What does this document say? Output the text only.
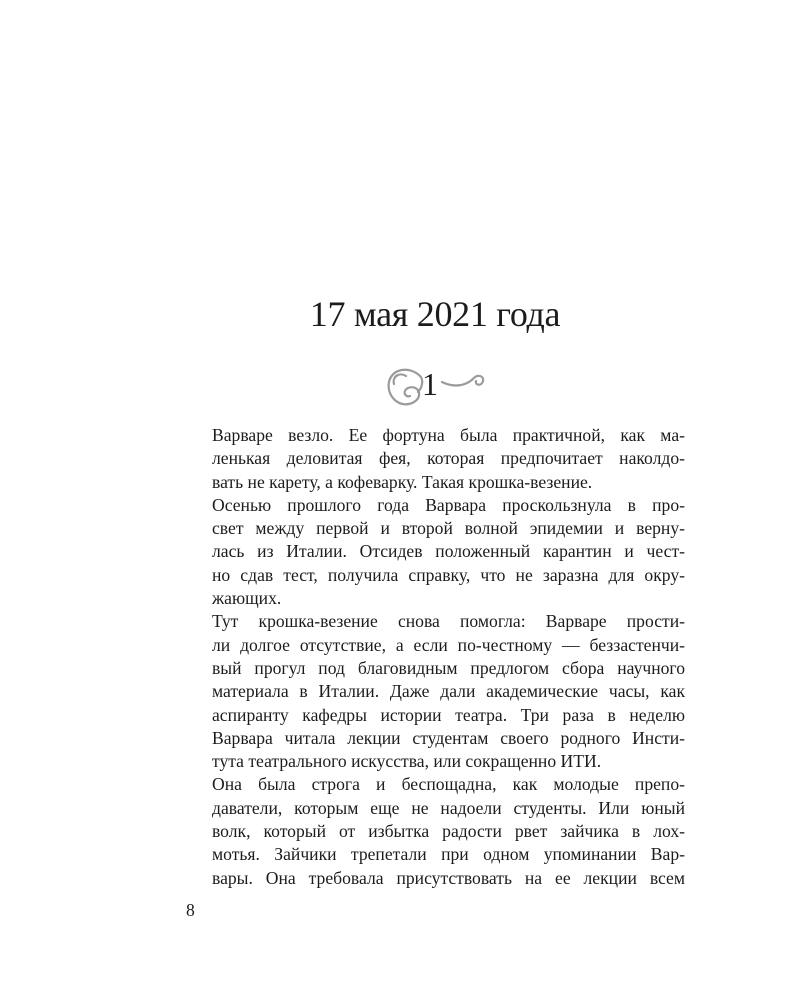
17 мая 2021 года
1

Варваре везло. Ее фортуна была практичной, как ма-
ленькая деловитая фея, которая предпочитает наколдо-
вать не карету, а кофеварку. Такая крошка-везение.

Осенью прошлого года Варвара проскользнула в про-
свет между первой и второй волной эпидемии и верну-
лась из Италии. Отсидев положенный карантин и чест-
но сдав тест, получила справку, что не заразна для окру-
жающих.

Тут крошка-везение снова помогла: Варваре прости-
ли долгое отсутствие, а если по-честному — беззастенчи-
вый прогул под благовидным предлогом сбора научного
материала в Италии. Даже дали академические часы, как
аспиранту кафедры истории театра. Три раза в неделю
Варвара читала лекции студентам своего родного Инсти-
тута театрального искусства, или сокращенно ИТИ.

Она была строга и беспощадна, как молодые препо-
даватели, которым еще не надоели студенты. Или юный
волк, который от избытка радости рвет зайчика в лох-
мотья. Зайчики трепетали при одном упоминании Вар-
вары. Она требовала присутствовать на ее лекции всем

8
